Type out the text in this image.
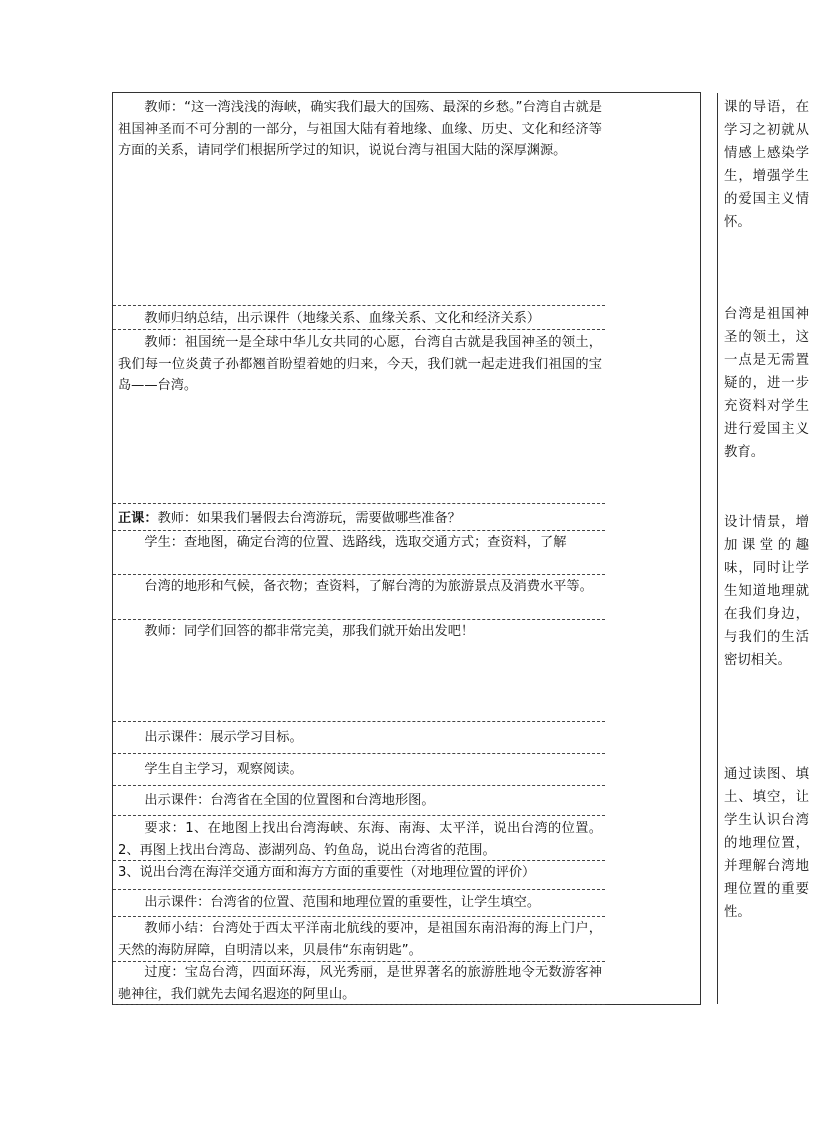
教师：“这一湾浅浅的海峡，确实我们最大的国殇、最深的乡愁。”台湾自古就是祖国神圣而不可分割的一部分，与祖国大陆有着地缘、血缘、历史、文化和经济等方面的关系，请同学们根据所学过的知识，说说台湾与祖国大陆的深厚渊源。

教师归纳总结，出示课件（地缘关系、血缘关系、文化和经济关系）

教师：祖国统一是全球中华儿女共同的心愿，台湾自古就是我国神圣的领土，我们每一位炎黄子孙都翘首盼望着她的归来，今天，我们就一起走进我们祖国的宝岛——台湾。

正课：教师：如果我们暑假去台湾游玩，需要做哪些准备？

学生：查地图，确定台湾的位置、选路线，选取交通方式；查资料，了解

台湾的地形和气候，备衣物；查资料，了解台湾的为旅游景点及消费水平等。

教师：同学们回答的都非常完美，那我们就开始出发吧！

出示课件：展示学习目标。

学生自主学习，观察阅读。

出示课件：台湾省在全国的位置图和台湾地形图。

要求：1、在地图上找出台湾海峡、东海、南海、太平洋，说出台湾的位置。2、再图上找出台湾岛、澎湖列岛、钓鱼岛，说出台湾省的范围。

3、说出台湾在海洋交通方面和海方方面的重要性（对地理位置的评价）

出示课件：台湾省的位置、范围和地理位置的重要性，让学生填空。

教师小结：台湾处于西太平洋南北航线的要冲，是祖国东南沿海的海上门户，天然的海防屏障，自明清以来，贝晨伟“东南钥匙”。

过度：宝岛台湾，四面环海，风光秀丽，是世界著名的旅游胜地令无数游客神驰神往，我们就先去闻名遐迩的阿里山。

课的导语，在学习之初就从情感上感染学生，增强学生的爱国主义情怀。
台湾是祖国神圣的领土，这一点是无需置疑的，进一步充资料对学生进行爱国主义教育。
设计情景，增加课堂的趣味，同时让学生知道地理就在我们身边，与我们的生活密切相关。
通过读图、填土、填空，让学生认识台湾的地理位置，并理解台湾地理位置的重要性。
